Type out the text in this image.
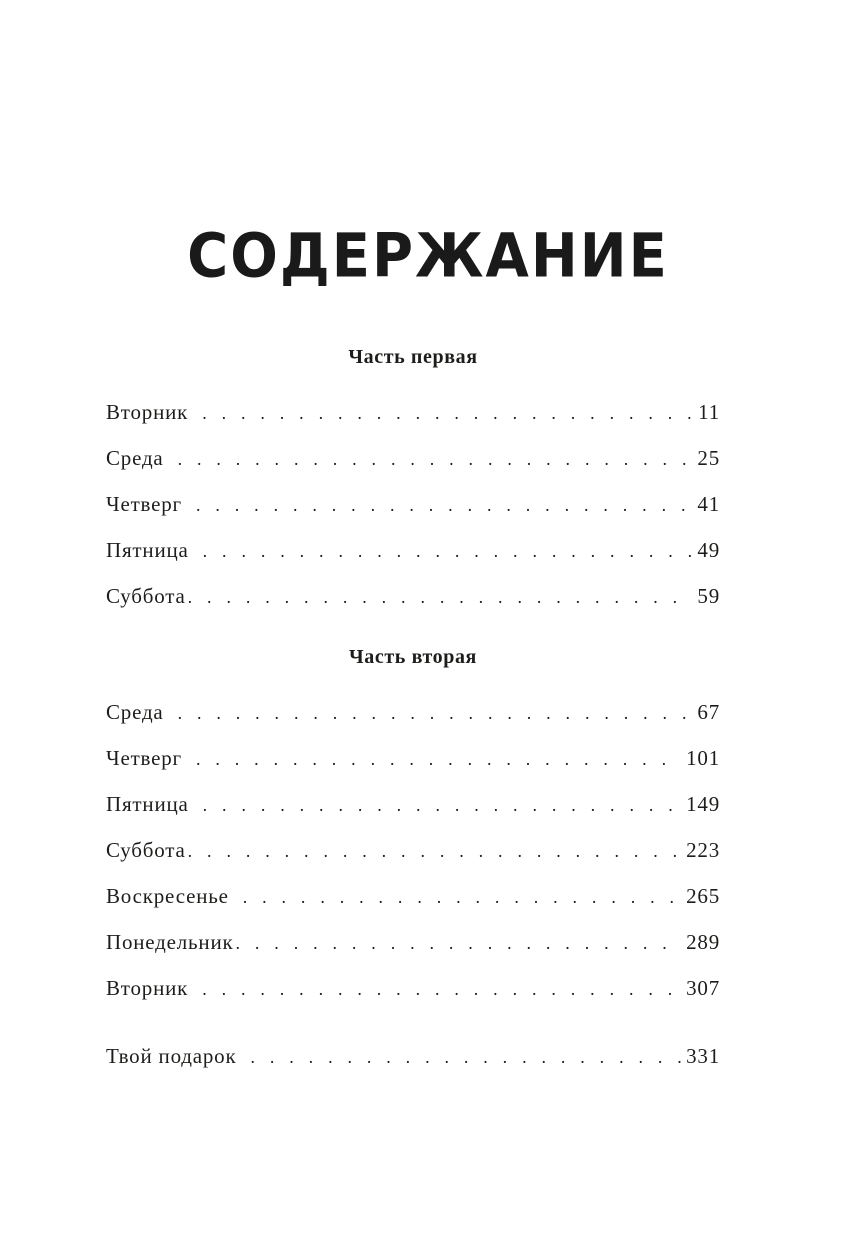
СОДЕРЖАНИЕ
Часть первая
Вторник . . .	11
Среда . . .	25
Четверг . . .	41
Пятница . . .	49
Суббота . . .	59
Часть вторая
Среда . . .	67
Четверг . . .	101
Пятница . . .	149
Суббота . . .	223
Воскресенье . . .	265
Понедельник . . .	289
Вторник . . .	307
Твой подарок . . .	331
